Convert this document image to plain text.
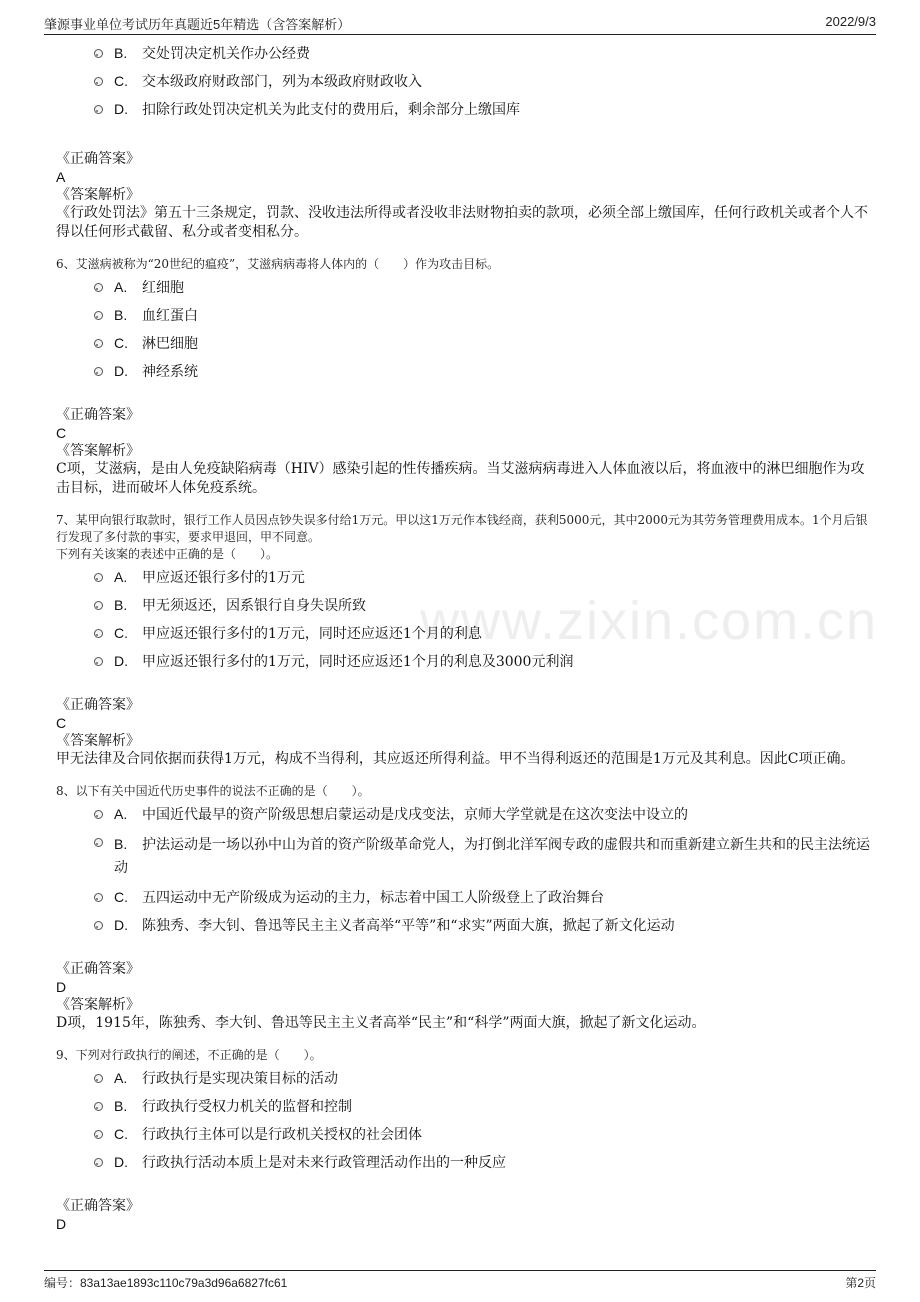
肇源事业单位考试历年真题近5年精选（含答案解析）	2022/9/3
www.zixin.com.cn
B. 交处罚决定机关作办公经费
C. 交本级政府财政部门，列为本级政府财政收入
D. 扣除行政处罚决定机关为此支付的费用后，剩余部分上缴国库
《正确答案》
A
《答案解析》
《行政处罚法》第五十三条规定，罚款、没收违法所得或者没收非法财物拍卖的款项，必须全部上缴国库，任何行政机关或者个人不得以任何形式截留、私分或者变相私分。
6、艾滋病被称为“20世纪的瘟疫”，艾滋病病毒将人体内的（　　）作为攻击目标。
A. 红细胞
B. 血红蛋白
C. 淋巴细胞
D. 神经系统
《正确答案》
C
《答案解析》
C项，艾滋病，是由人免疫缺陷病毒（HIV）感染引起的性传播疾病。当艾滋病病毒进入人体血液以后，将血液中的淋巴细胞作为攻击目标，进而破坏人体免疫系统。
7、某甲向银行取款时，银行工作人员因点钞失误多付给1万元。甲以这1万元作本钱经商，获利5000元，其中2000元为其劳务管理费用成本。1个月后银行发现了多付款的事实，要求甲退回，甲不同意。
下列有关该案的表述中正确的是（　　）。
A. 甲应返还银行多付的1万元
B. 甲无须返还，因系银行自身失误所致
C. 甲应返还银行多付的1万元，同时还应返还1个月的利息
D. 甲应返还银行多付的1万元，同时还应返还1个月的利息及3000元利润
《正确答案》
C
《答案解析》
甲无法律及合同依据而获得1万元，构成不当得利，其应返还所得利益。甲不当得利返还的范围是1万元及其利息。因此C项正确。
8、以下有关中国近代历史事件的说法不正确的是（　　）。
A. 中国近代最早的资产阶级思想启蒙运动是戊戌变法，京师大学堂就是在这次变法中设立的
B. 护法运动是一场以孙中山为首的资产阶级革命党人，为打倒北洋军阀专政的虚假共和而重新建立新生共和的民主法统运动
C. 五四运动中无产阶级成为运动的主力，标志着中国工人阶级登上了政治舞台
D. 陈独秀、李大钊、鲁迅等民主主义者高举“平等”和“求实”两面大旗，掀起了新文化运动
《正确答案》
D
《答案解析》
D项，1915年，陈独秀、李大钊、鲁迅等民主主义者高举“民主”和“科学”两面大旗，掀起了新文化运动。
9、下列对行政执行的阐述，不正确的是（　　）。
A. 行政执行是实现决策目标的活动
B. 行政执行受权力机关的监督和控制
C. 行政执行主体可以是行政机关授权的社会团体
D. 行政执行活动本质上是对未来行政管理活动作出的一种反应
《正确答案》
D
编号：83a13ae1893c110c79a3d96a6827fc61	第2页
